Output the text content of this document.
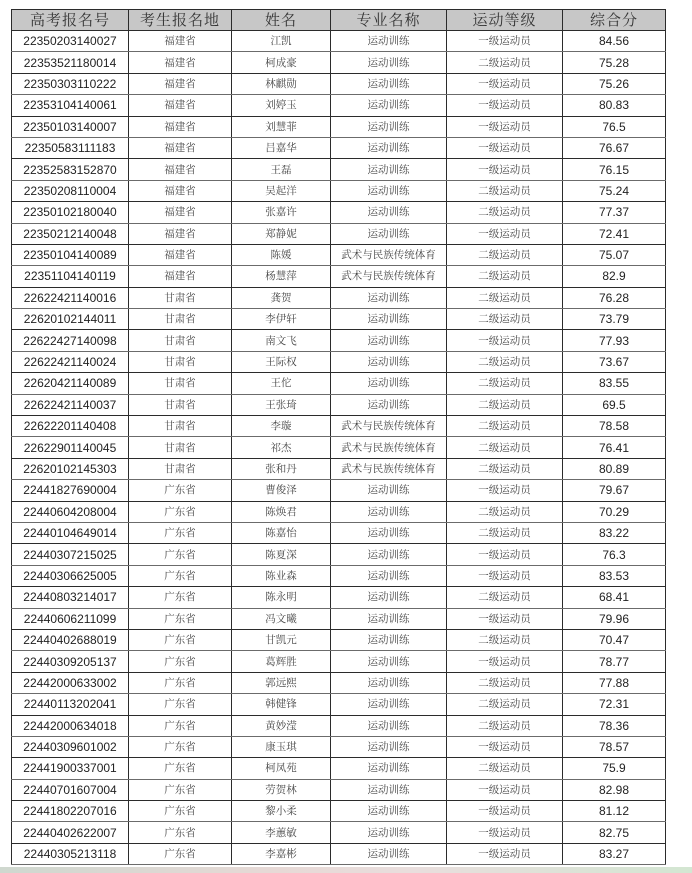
高考报名号	考生报名地	姓名	专业名称	运动等级	综合分
22350203140027	福建省	江凯	运动训练	一级运动员	84.56
22353521180014	福建省	柯成豪	运动训练	二级运动员	75.28
22350303110222	福建省	林麒勋	运动训练	一级运动员	75.26
22353104140061	福建省	刘婷玉	运动训练	一级运动员	80.83
22350103140007	福建省	刘慧菲	运动训练	一级运动员	76.5
22350583111183	福建省	吕嘉华	运动训练	一级运动员	76.67
22352583152870	福建省	王磊	运动训练	一级运动员	76.15
22350208110004	福建省	吴起洋	运动训练	二级运动员	75.24
22350102180040	福建省	张嘉许	运动训练	二级运动员	77.37
22350212140048	福建省	郑静妮	运动训练	一级运动员	72.41
22350104140089	福建省	陈媛	武术与民族传统体育	二级运动员	75.07
22351104140119	福建省	杨慧萍	武术与民族传统体育	二级运动员	82.9
22622421140016	甘肃省	龚贺	运动训练	二级运动员	76.28
22620102144011	甘肃省	李伊轩	运动训练	二级运动员	73.79
22622427140098	甘肃省	南文飞	运动训练	一级运动员	77.93
22622421140024	甘肃省	王际权	运动训练	二级运动员	73.67
22620421140089	甘肃省	王佗	运动训练	二级运动员	83.55
22622421140037	甘肃省	王张琦	运动训练	二级运动员	69.5
22622201140408	甘肃省	李璇	武术与民族传统体育	二级运动员	78.58
22622901140045	甘肃省	祁杰	武术与民族传统体育	二级运动员	76.41
22620102145303	甘肃省	张和丹	武术与民族传统体育	二级运动员	80.89
22441827690004	广东省	曹俊泽	运动训练	一级运动员	79.67
22440604208004	广东省	陈焕君	运动训练	二级运动员	70.29
22440104649014	广东省	陈嘉怡	运动训练	二级运动员	83.22
22440307215025	广东省	陈夏深	运动训练	一级运动员	76.3
22440306625005	广东省	陈业森	运动训练	一级运动员	83.53
22440803214017	广东省	陈永明	运动训练	二级运动员	68.41
22440606211099	广东省	冯文曦	运动训练	一级运动员	79.96
22440402688019	广东省	甘凯元	运动训练	二级运动员	70.47
22440309205137	广东省	葛辉胜	运动训练	一级运动员	78.77
22442000633002	广东省	郭远熙	运动训练	二级运动员	77.88
22440113202041	广东省	韩健锋	运动训练	二级运动员	72.31
22442000634018	广东省	黄妙滢	运动训练	二级运动员	78.36
22440309601002	广东省	康玉琪	运动训练	一级运动员	78.57
22441900337001	广东省	柯凤苑	运动训练	二级运动员	75.9
22440701607004	广东省	劳贺林	运动训练	一级运动员	82.98
22441802207016	广东省	黎小柔	运动训练	一级运动员	81.12
22440402622007	广东省	李蕙敏	运动训练	一级运动员	82.75
22440305213118	广东省	李嘉彬	运动训练	一级运动员	83.27
